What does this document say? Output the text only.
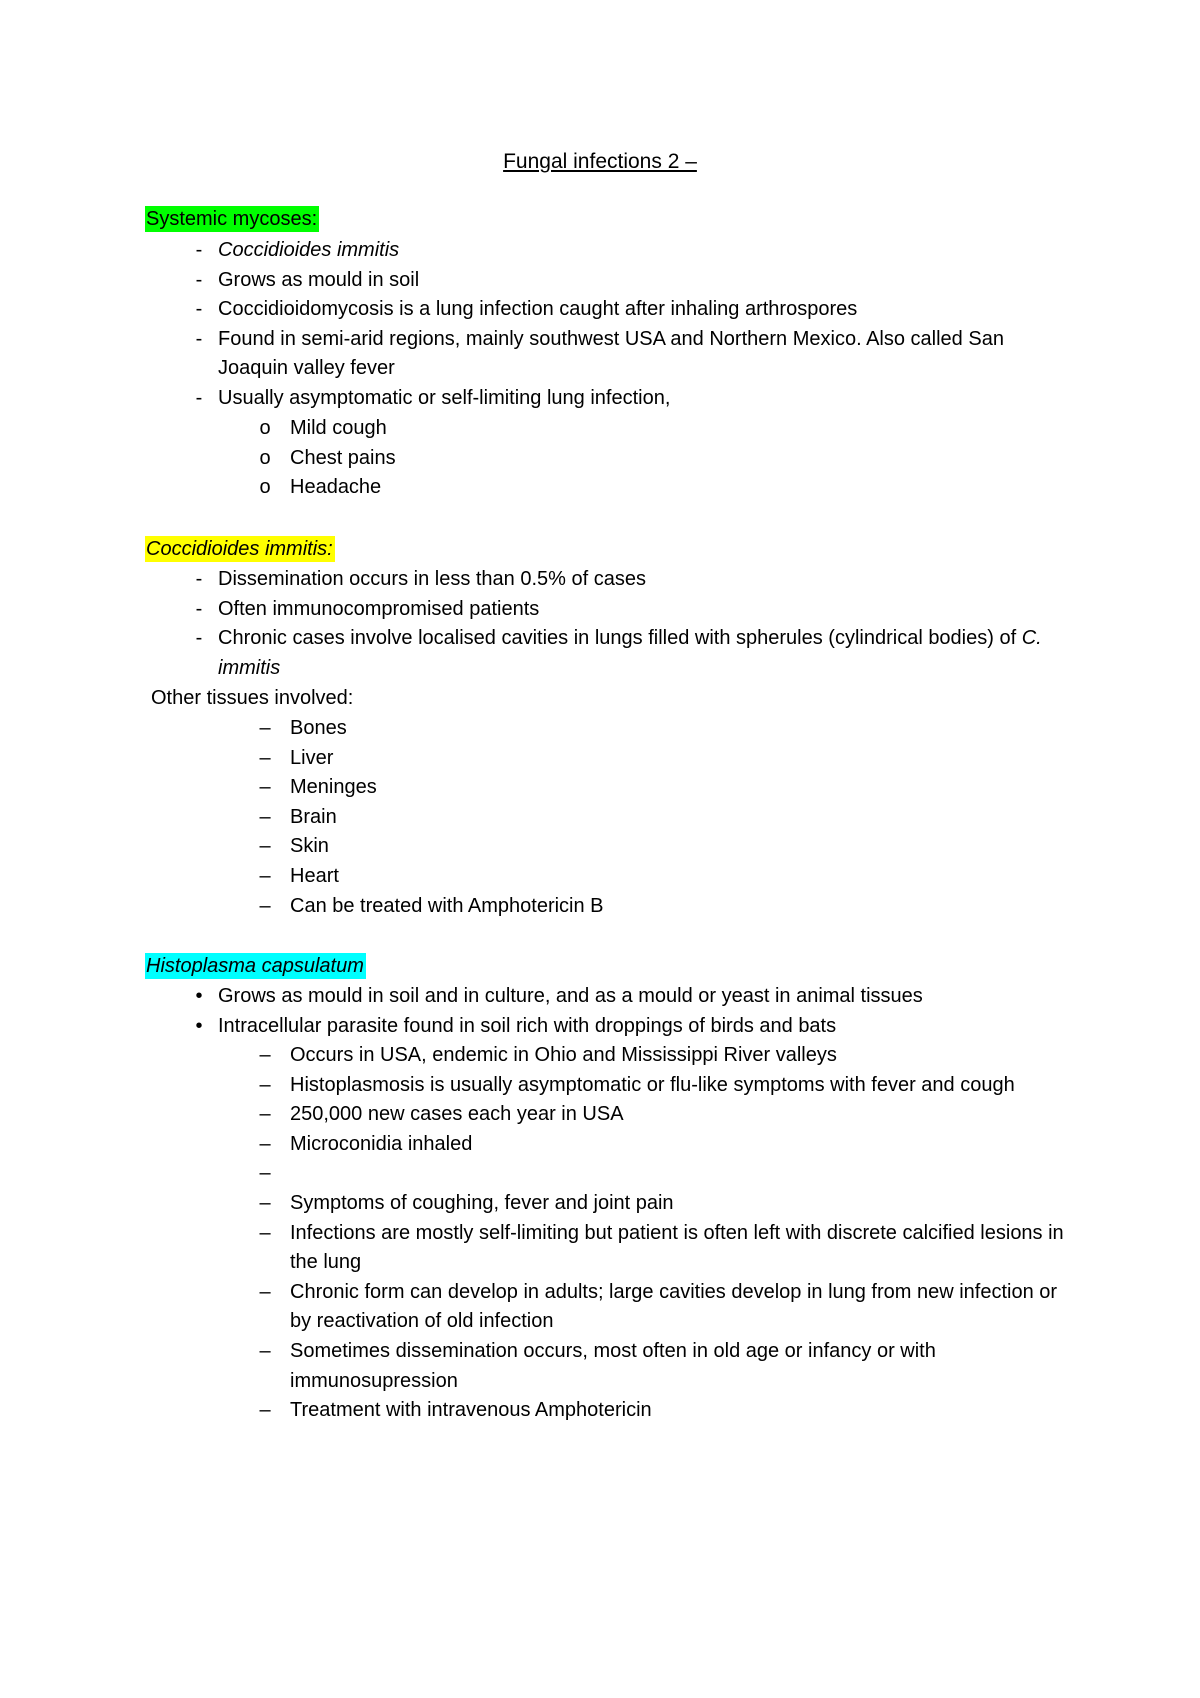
Fungal infections 2 –
Systemic mycoses:
- Coccidioides immitis
- Grows as mould in soil
- Coccidioidomycosis is a lung infection caught after inhaling arthrospores
- Found in semi-arid regions, mainly southwest USA and Northern Mexico. Also called San Joaquin valley fever
- Usually asymptomatic or self-limiting lung infection,
o Mild cough
o Chest pains
o Headache
Coccidioides immitis:
- Dissemination occurs in less than 0.5% of cases
- Often immunocompromised patients
- Chronic cases involve localised cavities in lungs filled with spherules (cylindrical bodies) of C. immitis
Other tissues involved:
– Bones
– Liver
– Meninges
– Brain
– Skin
– Heart
– Can be treated with Amphotericin B
Histoplasma capsulatum
• Grows as mould in soil and in culture, and as a mould or yeast in animal tissues
• Intracellular parasite found in soil rich with droppings of birds and bats
– Occurs in USA, endemic in Ohio and Mississippi River valleys
– Histoplasmosis is usually asymptomatic or flu-like symptoms with fever and cough
– 250,000 new cases each year in USA
– Microconidia inhaled
–

– Symptoms of coughing, fever and joint pain
– Infections are mostly self-limiting but patient is often left with discrete calcified lesions in the lung
– Chronic form can develop in adults; large cavities develop in lung from new infection or by reactivation of old infection
– Sometimes dissemination occurs, most often in old age or infancy or with immunosupression
– Treatment with intravenous Amphotericin
